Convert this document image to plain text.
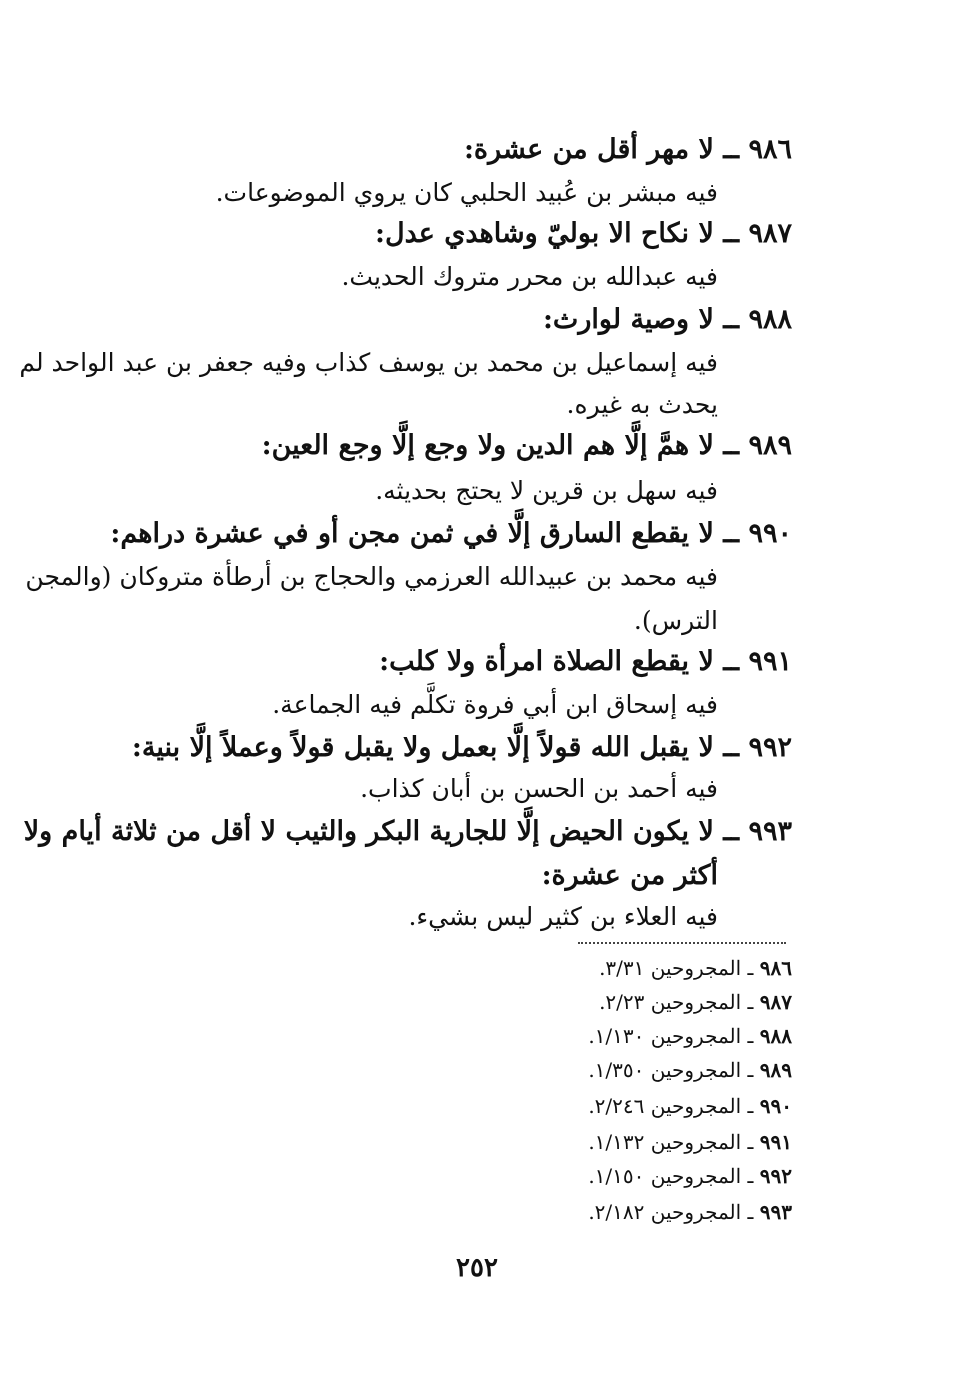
٩٨٦ ــ لا مهر أقل من عشرة:
فيه مبشر بن عُبيد الحلبي كان يروي الموضوعات.
٩٨٧ ــ لا نكاح الا بوليّ وشاهدي عدل:
فيه عبدالله بن محرر متروك الحديث.
٩٨٨ ــ لا وصية لوارث:
فيه إسماعيل بن محمد بن يوسف كذاب وفيه جعفر بن عبد الواحد لم
يحدث به غيره.
٩٨٩ ــ لا همَّ إلَّا هم الدين ولا وجع إلَّا وجع العين:
فيه سهل بن قرين لا يحتج بحديثه.
٩٩٠ ــ لا يقطع السارق إلَّا في ثمن مجن أو في عشرة دراهم:
فيه محمد بن عبيدالله العرزمي والحجاج بن أرطأة متروكان (والمجن
الترس).
٩٩١ ــ لا يقطع الصلاة امرأة ولا كلب:
فيه إسحاق ابن أبي فروة تكلَّم فيه الجماعة.
٩٩٢ ــ لا يقبل الله قولاً إلَّا بعمل ولا يقبل قولاً وعملاً إلَّا بنية:
فيه أحمد بن الحسن بن أبان كذاب.
٩٩٣ ــ لا يكون الحيض إلَّا للجارية البكر والثيب لا أقل من ثلاثة أيام ولا
أكثر من عشرة:
فيه العلاء بن كثير ليس بشيء.
٩٨٦ ـ المجروحين ٣/٣١.
٩٨٧ ـ المجروحين ٢/٢٣.
٩٨٨ ـ المجروحين ١/١٣٠.
٩٨٩ ـ المجروحين ١/٣٥٠.
٩٩٠ ـ المجروحين ٢/٢٤٦.
٩٩١ ـ المجروحين ١/١٣٢.
٩٩٢ ـ المجروحين ١/١٥٠.
٩٩٣ ـ المجروحين ٢/١٨٢.
٢٥٢
